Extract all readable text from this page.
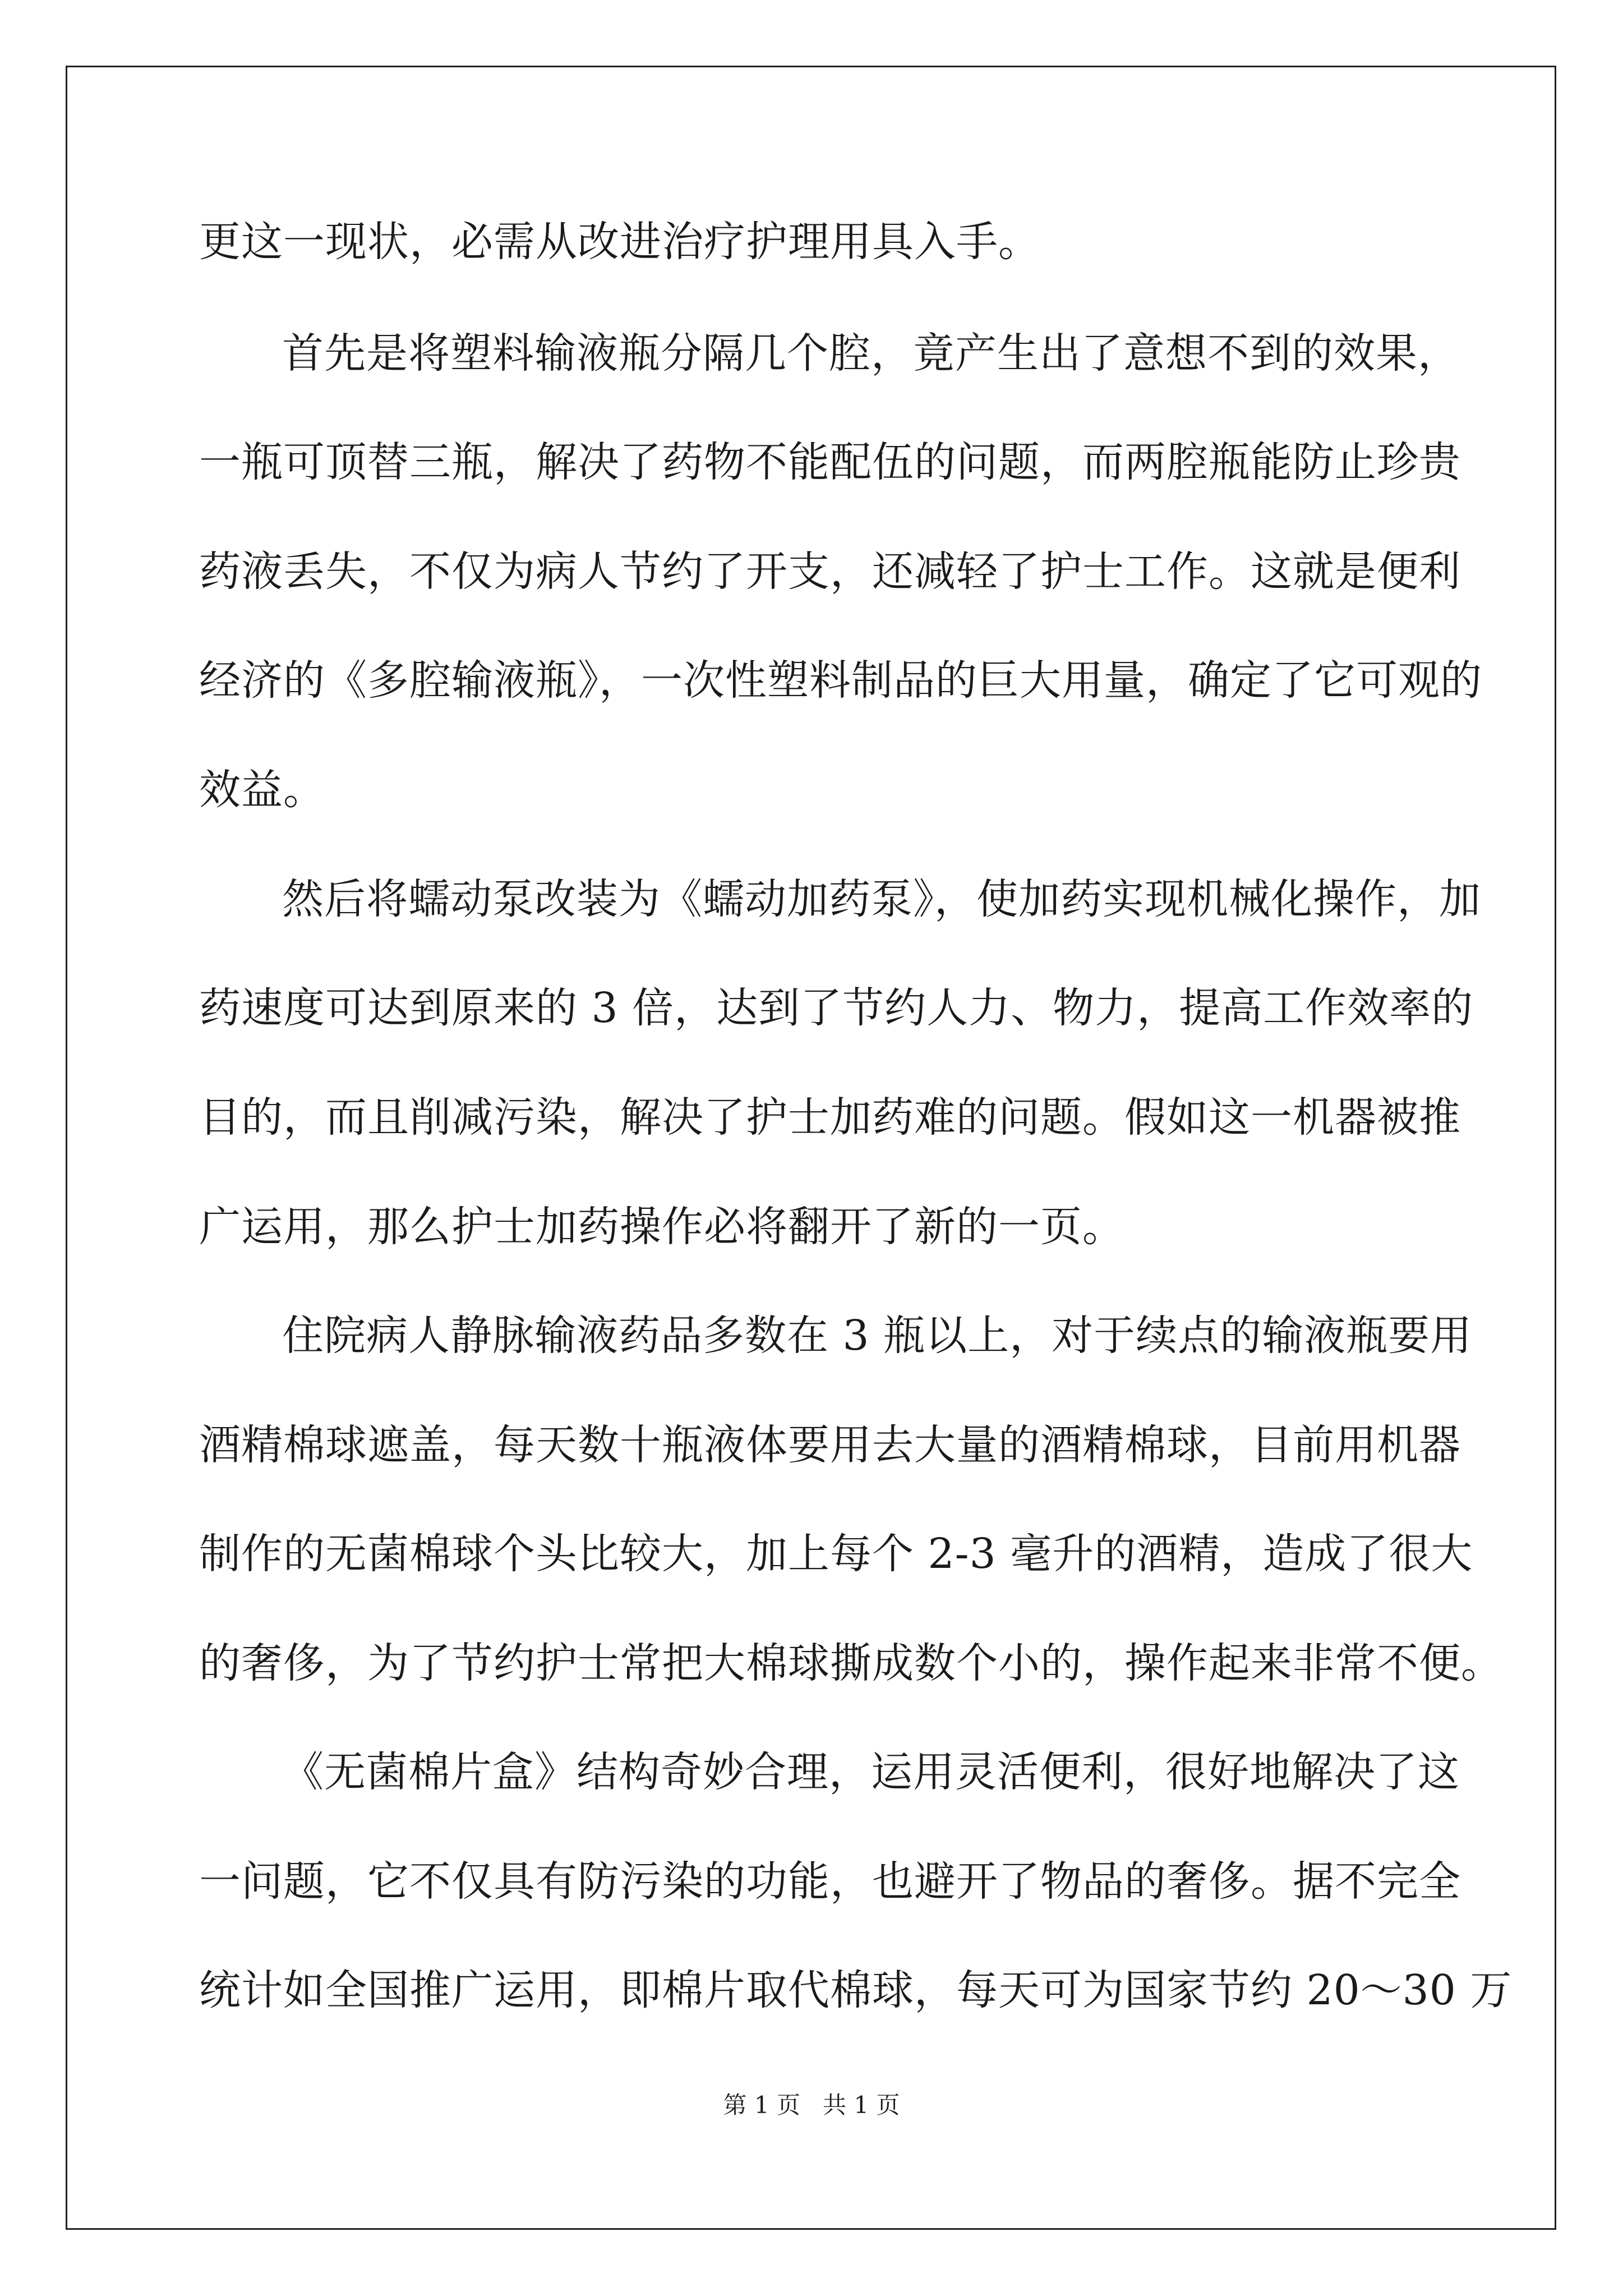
更这一现状，必需从改进治疗护理用具入手。
首先是将塑料输液瓶分隔几个腔，竟产生出了意想不到的效果，
一瓶可顶替三瓶，解决了药物不能配伍的问题，而两腔瓶能防止珍贵
药液丢失，不仅为病人节约了开支，还减轻了护士工作。这就是便利
经济的《多腔输液瓶》，一次性塑料制品的巨大用量，确定了它可观的
效益。
然后将蠕动泵改装为《蠕动加药泵》，使加药实现机械化操作，加
药速度可达到原来的 3 倍，达到了节约人力、物力，提高工作效率的
目的，而且削减污染，解决了护士加药难的问题。假如这一机器被推
广运用，那么护士加药操作必将翻开了新的一页。
住院病人静脉输液药品多数在 3 瓶以上，对于续点的输液瓶要用
酒精棉球遮盖，每天数十瓶液体要用去大量的酒精棉球，目前用机器
制作的无菌棉球个头比较大，加上每个 2-3 毫升的酒精，造成了很大
的奢侈，为了节约护士常把大棉球撕成数个小的，操作起来非常不便。
《无菌棉片盒》结构奇妙合理，运用灵活便利，很好地解决了这
一问题，它不仅具有防污染的功能，也避开了物品的奢侈。据不完全
统计如全国推广运用，即棉片取代棉球，每天可为国家节约 20～30 万
第 1 页   共 1 页
